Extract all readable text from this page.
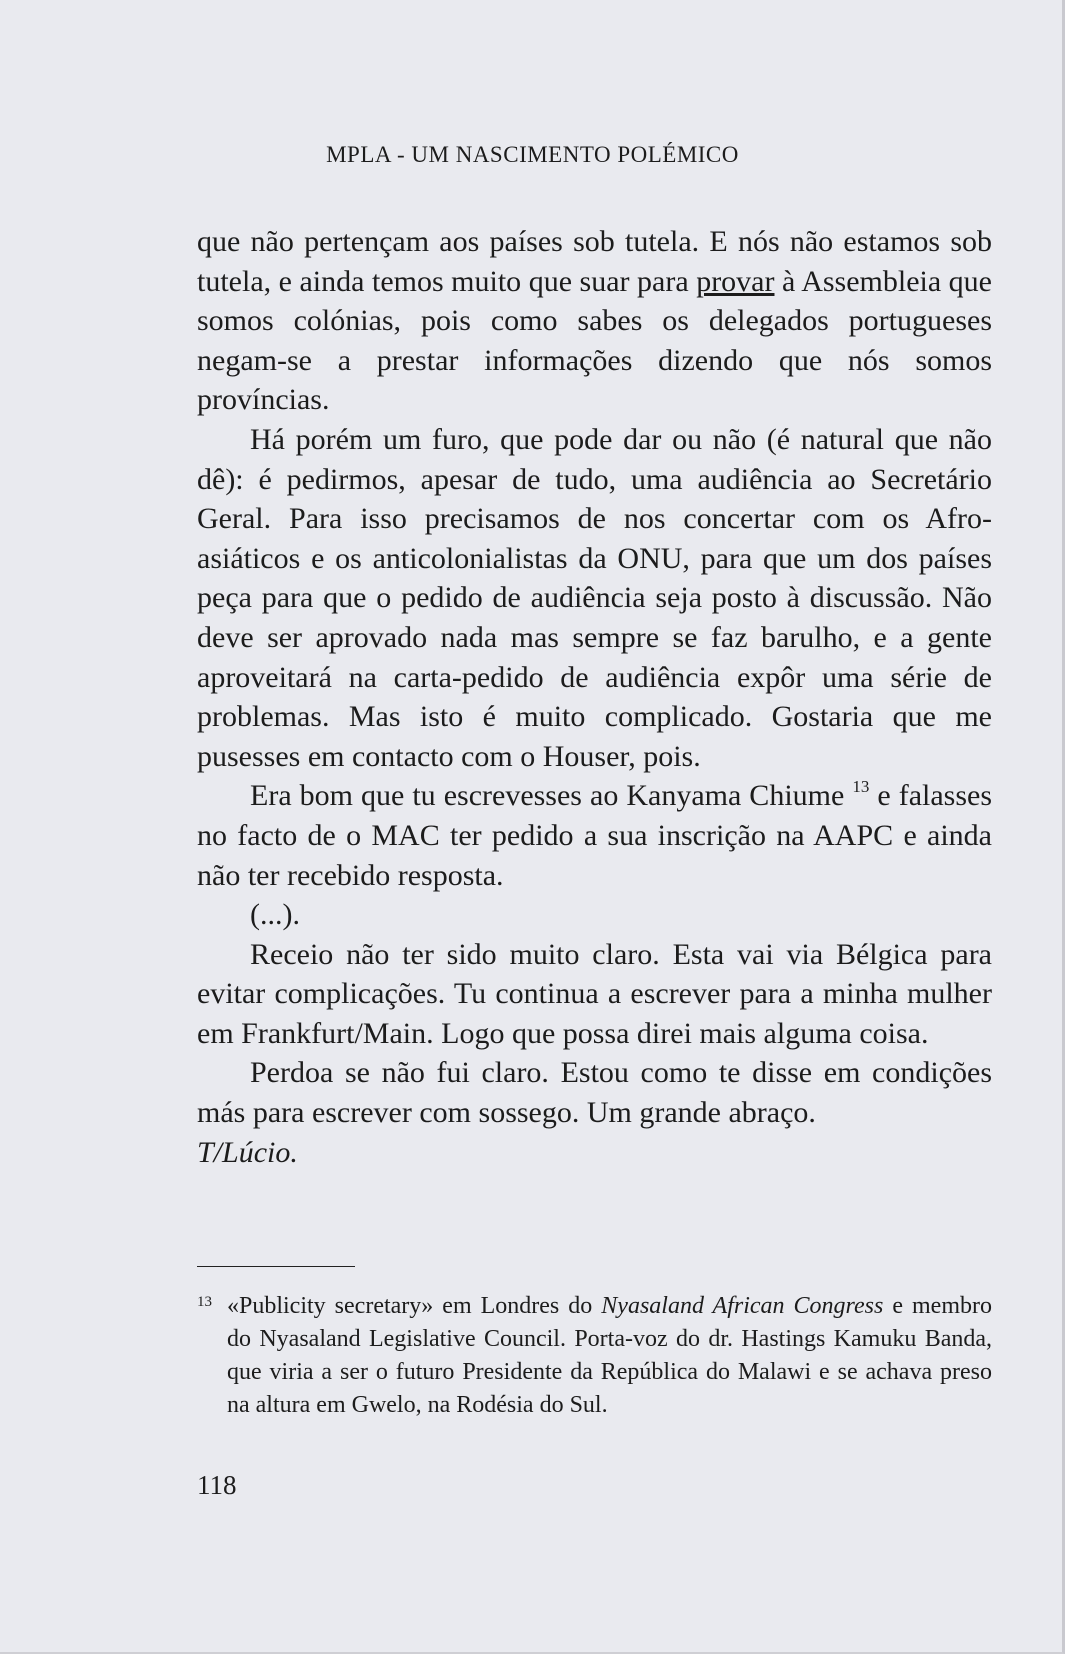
MPLA - UM NASCIMENTO POLÉMICO

que não pertençam aos países sob tutela. E nós não estamos sob tutela, e ainda temos muito que suar para provar à Assembleia que somos colónias, pois como sabes os delegados portugueses negam-se a prestar informações dizendo que nós somos províncias.

Há porém um furo, que pode dar ou não (é natural que não dê): é pedirmos, apesar de tudo, uma audiência ao Secretário Geral. Para isso precisamos de nos concertar com os Afro-asiáticos e os anticolonialistas da ONU, para que um dos países peça para que o pedido de audiência seja posto à discussão. Não deve ser aprovado nada mas sempre se faz barulho, e a gente aproveitará na carta-pedido de audiência expôr uma série de problemas. Mas isto é muito complicado. Gostaria que me pusesses em contacto com o Houser, pois.

Era bom que tu escrevesses ao Kanyama Chiume $^{13}$ e falasses no facto de o MAC ter pedido a sua inscrição na AAPC e ainda não ter recebido resposta.

(...).

Receio não ter sido muito claro. Esta vai via Bélgica para evitar complicações. Tu continua a escrever para a minha mulher em Frankfurt/Main. Logo que possa direi mais alguma coisa.

Perdoa se não fui claro. Estou como te disse em condições más para escrever com sossego. Um grande abraço.

T/Lúcio.

13 «Publicity secretary» em Londres do Nyasaland African Congress e membro do Nyasaland Legislative Council. Porta-voz do dr. Hastings Kamuku Banda, que viria a ser o futuro Presidente da República do Malawi e se achava preso na altura em Gwelo, na Rodésia do Sul.

118
